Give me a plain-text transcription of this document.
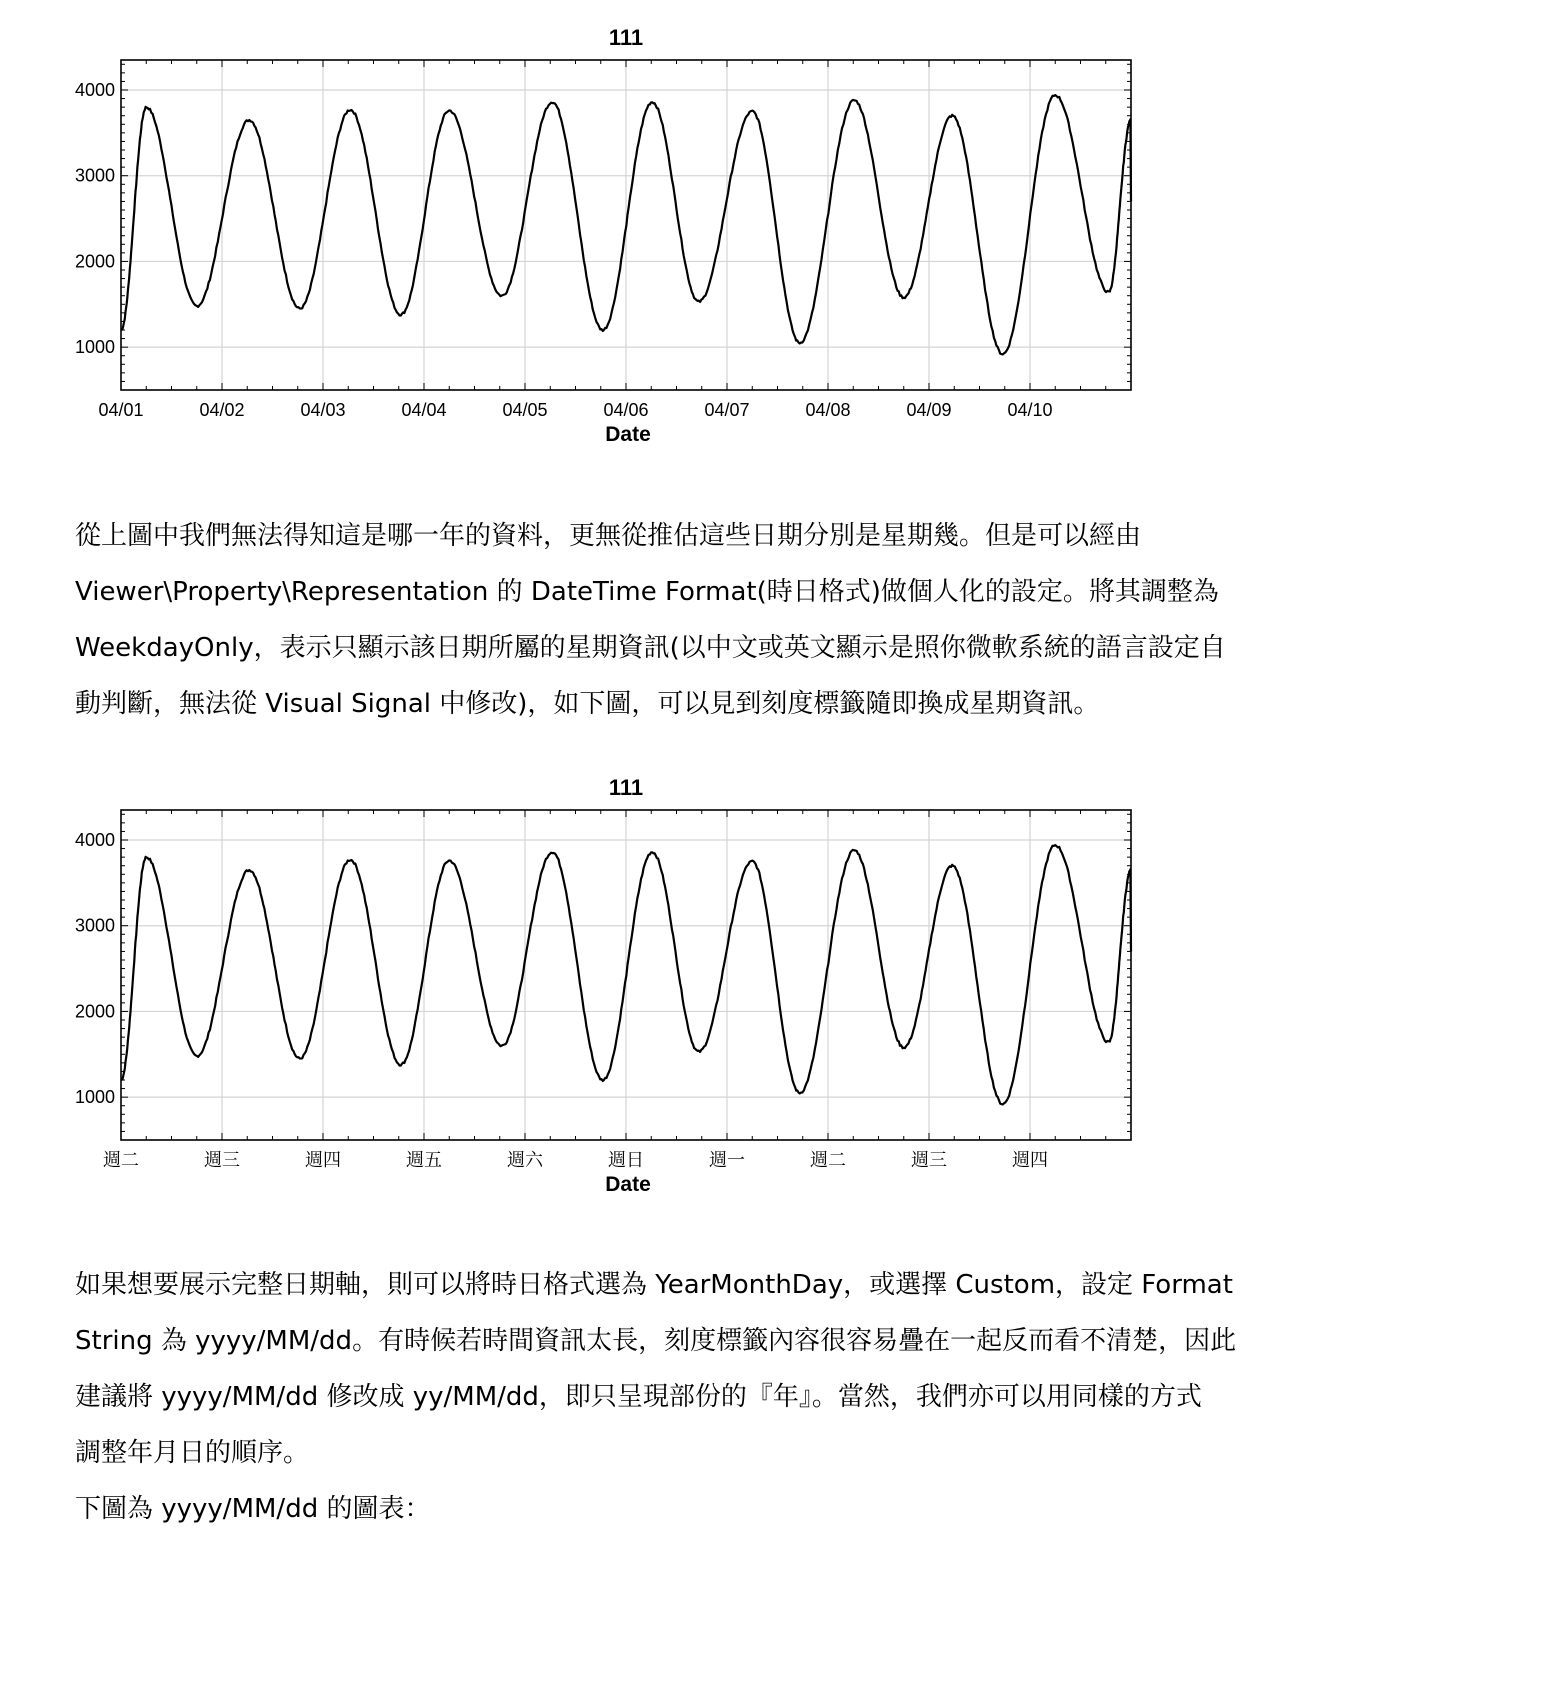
111
1000
2000
3000
4000
04/01	04/02	04/03	04/04	04/05	04/06	04/07	04/08	04/09	04/10
Date

從上圖中我們無法得知這是哪一年的資料，更無從推估這些日期分別是星期幾。但是可以經由

Viewer\Property\Representation 的 DateTime Format(時日格式)做個人化的設定。將其調整為

WeekdayOnly，表示只顯示該日期所屬的星期資訊(以中文或英文顯示是照你微軟系統的語言設定自

動判斷，無法從 Visual Signal 中修改)，如下圖，可以見到刻度標籤隨即換成星期資訊。

111
1000
2000
3000
4000
週二	週三	週四	週五	週六	週日	週一	週二	週三	週四
Date

如果想要展示完整日期軸，則可以將時日格式選為 YearMonthDay，或選擇 Custom，設定 Format

String 為 yyyy/MM/dd。有時候若時間資訊太長，刻度標籤內容很容易疊在一起反而看不清楚，因此

建議將 yyyy/MM/dd 修改成 yy/MM/dd，即只呈現部份的『年』。當然，我們亦可以用同樣的方式

調整年月日的順序。

下圖為 yyyy/MM/dd 的圖表：
